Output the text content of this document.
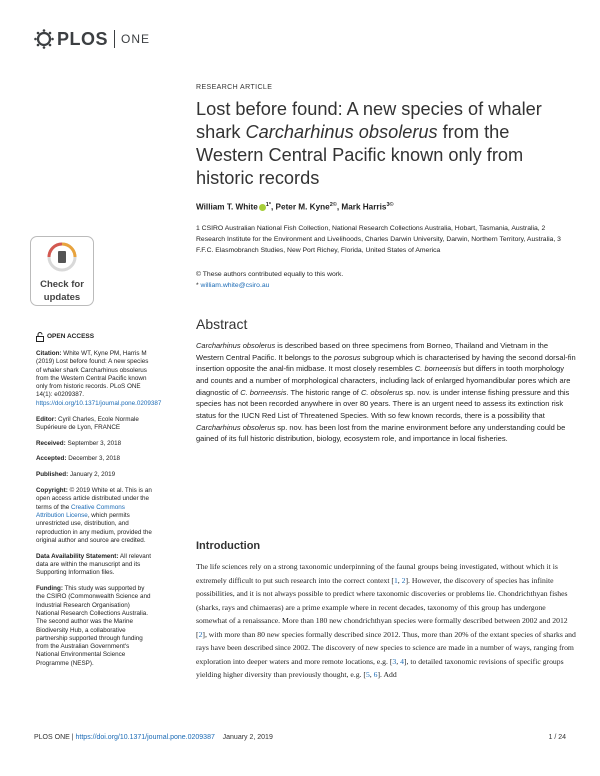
PLOS ONE
Check for
updates
OPEN ACCESS

Citation: White WT, Kyne PM, Harris M (2019) Lost before found: A new species of whaler shark Carcharhinus obsolerus from the Western Central Pacific known only from historic records. PLoS ONE 14(1): e0209387. https://doi.org/10.1371/journal.pone.0209387

Editor: Cyril Charles, Ecole Normale Supérieure de Lyon, FRANCE

Received: September 3, 2018

Accepted: December 3, 2018

Published: January 2, 2019

Copyright: © 2019 White et al. This is an open access article distributed under the terms of the Creative Commons Attribution License, which permits unrestricted use, distribution, and reproduction in any medium, provided the original author and source are credited.

Data Availability Statement: All relevant data are within the manuscript and its Supporting Information files.

Funding: This study was supported by the CSIRO (Commonwealth Science and Industrial Research Organisation) National Research Collections Australia. The second author was the Marine Biodiversity Hub, a collaborative partnership supported through funding from the Australian Government's National Environmental Science Programme (NESP).

RESEARCH ARTICLE
Lost before found: A new species of whaler shark Carcharhinus obsolerus from the Western Central Pacific known only from historic records
William T. White $^{1*}$, Peter M. Kyne$^{2©}$, Mark Harris$^{3©}$
1 CSIRO Australian National Fish Collection, National Research Collections Australia, Hobart, Tasmania, Australia, 2 Research Institute for the Environment and Livelihoods, Charles Darwin University, Darwin, Northern Territory, Australia, 3 F.F.C. Elasmobranch Studies, New Port Richey, Florida, United States of America
© These authors contributed equally to this work.
* william.white@csiro.au
Abstract
Carcharhinus obsolerus is described based on three specimens from Borneo, Thailand and Vietnam in the Western Central Pacific. It belongs to the porosus subgroup which is characterised by having the second dorsal-fin insertion opposite the anal-fin midbase. It most closely resembles C. borneensis but differs in tooth morphology and counts and a number of morphological characters, including lack of enlarged hyomandibular pores which are diagnostic of C. borneensis. The historic range of C. obsolerus sp. nov. is under intense fishing pressure and this species has not been recorded anywhere in over 80 years. There is an urgent need to assess its extinction risk status for the IUCN Red List of Threatened Species. With so few known records, there is a possibility that Carcharhinus obsolerus sp. nov. has been lost from the marine environment before any understanding could be gained of its full historic distribution, biology, ecosystem role, and importance in local fisheries.
Introduction
The life sciences rely on a strong taxonomic underpinning of the faunal groups being investigated, without which it is extremely difficult to put such research into the correct context [1, 2]. However, the discovery of species has infinite possibilities, and it is not always possible to predict where taxonomic discoveries or problems lie. Chondrichthyan fishes (sharks, rays and chimaeras) are a prime example where in recent decades, taxonomy of this group has undergone somewhat of a renaissance. More than 180 new chondrichthyan species were formally described between 2002 and 2012 [2], with more than 80 new species formally described since 2012. Thus, more than 20% of the extant species of sharks and rays have been described since 2002. The discovery of new species to science are made in a number of ways, ranging from exploration into deeper waters and more remote locations, e.g. [3, 4], to detailed taxonomic revisions of specific groups yielding higher diversity than previously thought, e.g. [5, 6]. Add
PLOS ONE | https://doi.org/10.1371/journal.pone.0209387 January 2, 2019	1 / 24
